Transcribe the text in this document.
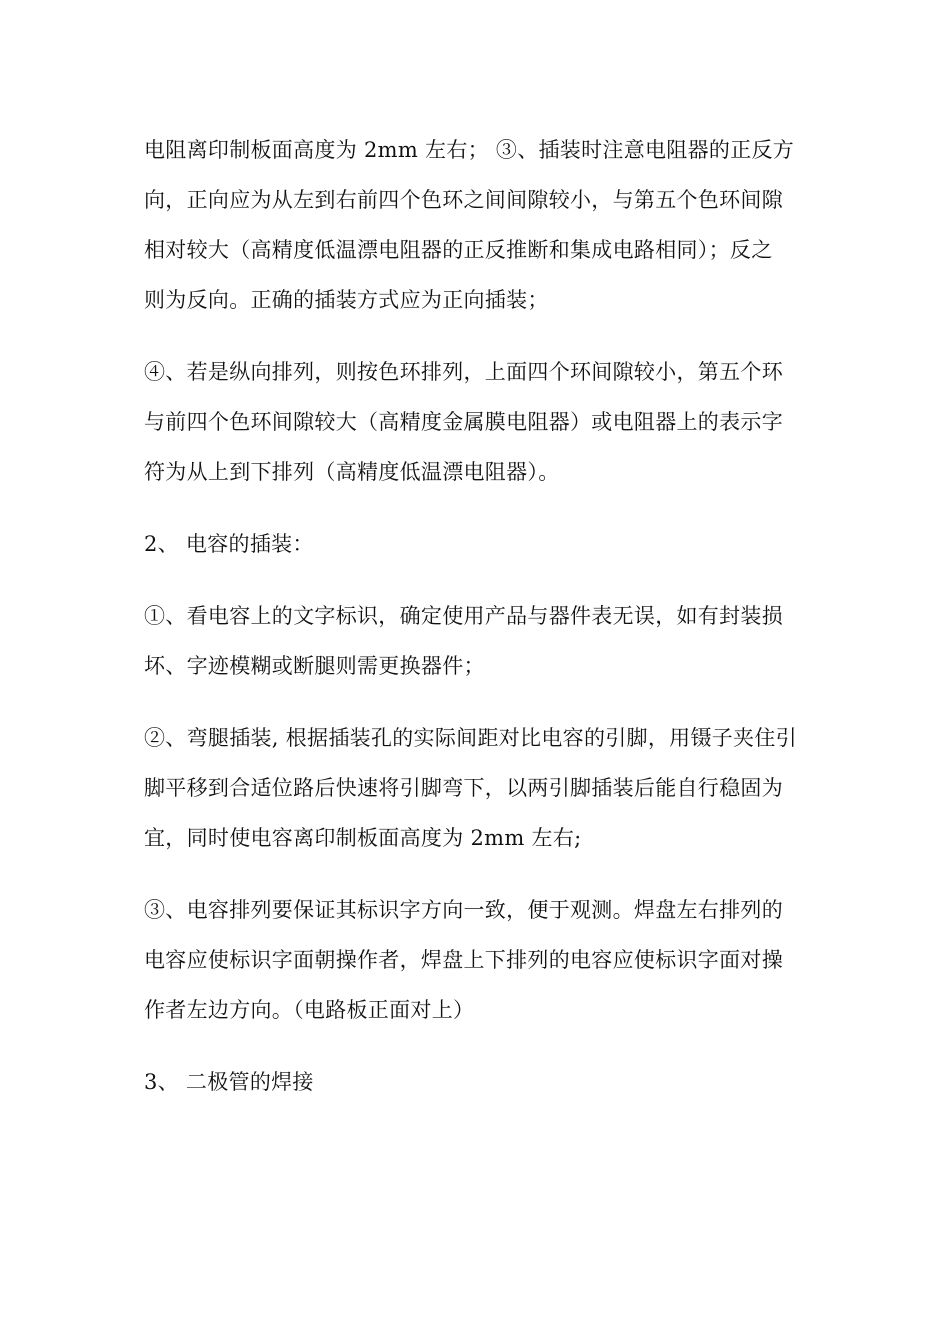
电阻离印制板面高度为 2mm 左右； ③、插装时注意电阻器的正反方
向，正向应为从左到右前四个色环之间间隙较小，与第五个色环间隙
相对较大（高精度低温漂电阻器的正反推断和集成电路相同）；反之
则为反向。正确的插装方式应为正向插装；
④、若是纵向排列，则按色环排列，上面四个环间隙较小，第五个环
与前四个色环间隙较大（高精度金属膜电阻器）或电阻器上的表示字
符为从上到下排列（高精度低温漂电阻器）。
2、 电容的插装：
①、看电容上的文字标识，确定使用产品与器件表无误，如有封装损
坏、字迹模糊或断腿则需更换器件；
②、弯腿插装, 根据插装孔的实际间距对比电容的引脚，用镊子夹住引
脚平移到合适位路后快速将引脚弯下，以两引脚插装后能自行稳固为
宜，同时使电容离印制板面高度为 2mm 左右;
③、电容排列要保证其标识字方向一致，便于观测。焊盘左右排列的
电容应使标识字面朝操作者，焊盘上下排列的电容应使标识字面对操
作者左边方向。（电路板正面对上）
3、 二极管的焊接
